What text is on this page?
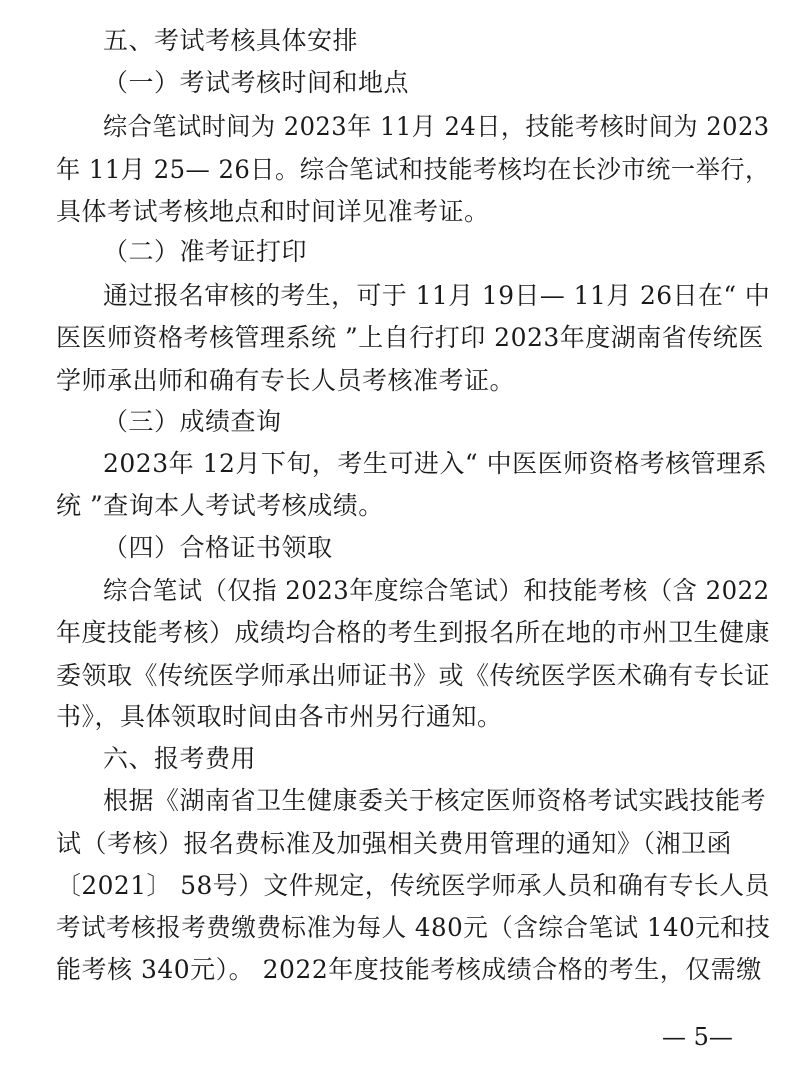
五、考试考核具体安排
（一）考试考核时间和地点
综合笔试时间为 2023年 11月 24日，技能考核时间为 2023
年 11月 25— 26日。综合笔试和技能考核均在长沙市统一举行，
具体考试考核地点和时间详见准考证。
（二）准考证打印
通过报名审核的考生，可于 11月 19日— 11月 26日在“ 中
医医师资格考核管理系统 ”上自行打印 2023年度湖南省传统医
学师承出师和确有专长人员考核准考证。
（三）成绩查询
2023年 12月下旬，考生可进入“ 中医医师资格考核管理系
统 ”查询本人考试考核成绩。
（四）合格证书领取
综合笔试（仅指 2023年度综合笔试）和技能考核（含 2022
年度技能考核）成绩均合格的考生到报名所在地的市州卫生健康
委领取《传统医学师承出师证书》或《传统医学医术确有专长证
书》，具体领取时间由各市州另行通知。
六、报考费用
根据《湖南省卫生健康委关于核定医师资格考试实践技能考
试（考核）报名费标准及加强相关费用管理的通知》（湘卫函
〔2021〕 58号）文件规定，传统医学师承人员和确有专长人员
考试考核报考费缴费标准为每人 480元（含综合笔试 140元和技
能考核 340元）。 2022年度技能考核成绩合格的考生，仅需缴
— 5—
